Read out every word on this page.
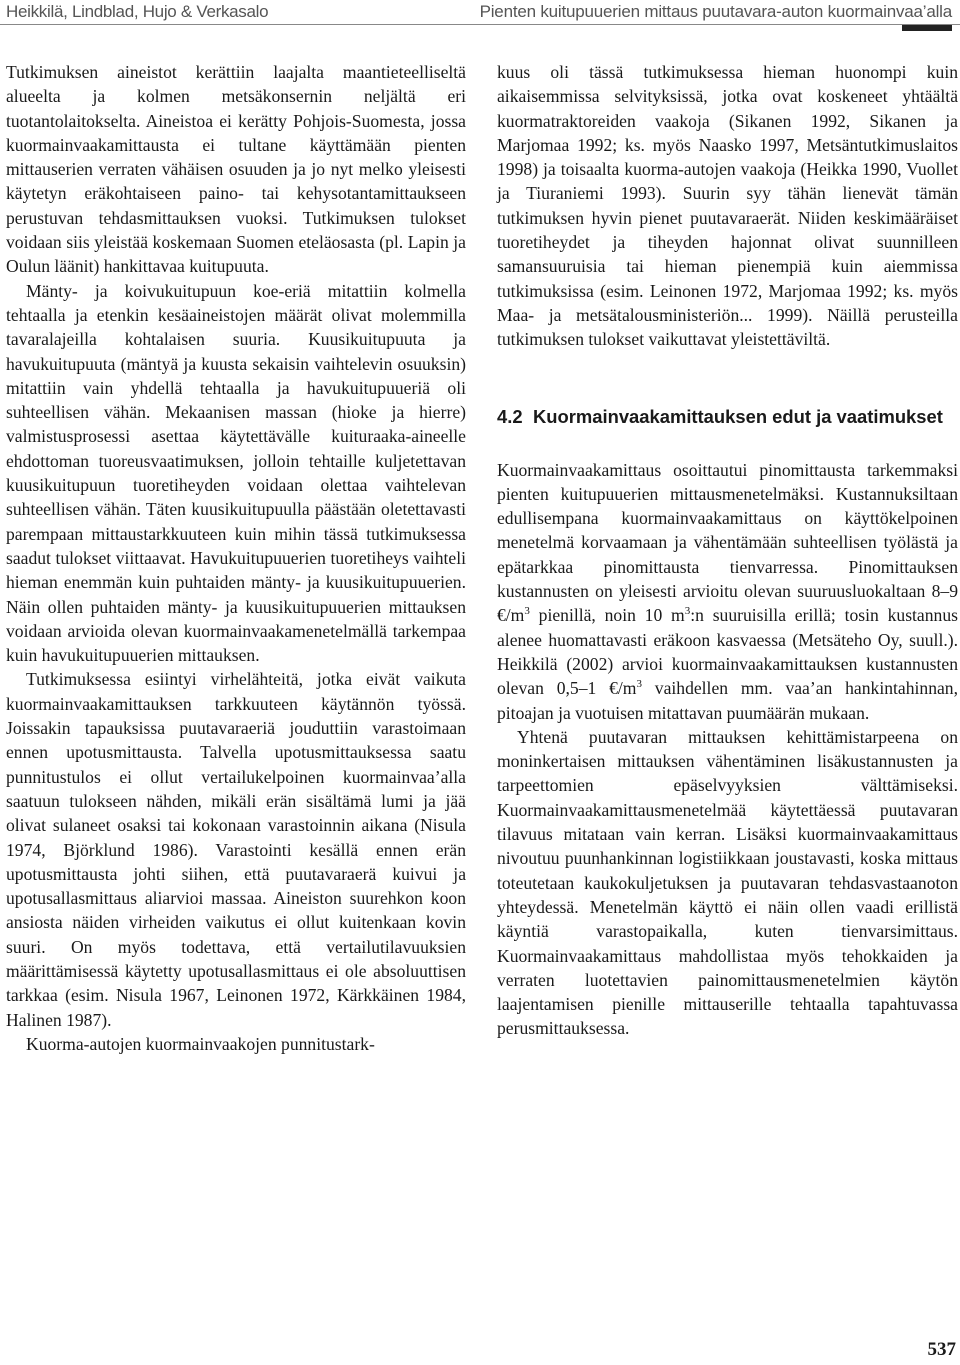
Heikkilä, Lindblad, Hujo & Verkasalo	Pienten kuitupuuerien mittaus puutavara-auton kuormainvaa’alla

Tutkimuksen aineistot kerättiin laajalta maantieteelliseltä alueelta ja kolmen metsäkonsernin neljältä eri tuotantolaitokselta. Aineistoa ei kerätty Pohjois-Suomesta, jossa kuormainvaakamittausta ei tultane käyttämään pienten mittauserien verraten vähäisen osuuden ja jo nyt melko yleisesti käytetyn eräkohtaiseen paino- tai kehysotantamittaukseen perustuvan tehdasmittauksen vuoksi. Tutkimuksen tulokset voidaan siis yleistää koskemaan Suomen eteläosasta (pl. Lapin ja Oulun läänit) hankittavaa kuitupuuta.

Mänty- ja koivukuitupuun koe-eriä mitattiin kolmella tehtaalla ja etenkin kesäaineistojen määrät olivat molemmilla tavaralajeilla kohtalaisen suuria. Kuusikuitupuuta ja havukuitupuuta (mäntyä ja kuusta sekaisin vaihtelevin osuuksin) mitattiin vain yhdellä tehtaalla ja havukuitupuueriä oli suhteellisen vähän. Mekaanisen massan (hioke ja hierre) valmistusprosessi asettaa käytettävälle kuituraaka-aineelle ehdottoman tuoreusvaatimuksen, jolloin tehtaille kuljetettavan kuusikuitupuun tuoretiheyden voidaan olettaa vaihtelevan suhteellisen vähän. Täten kuusikuitupuulla päästään oletettavasti parempaan mittaustarkkuuteen kuin mihin tässä tutkimuksessa saadut tulokset viittaavat. Havukuitupuuerien tuoretiheys vaihteli hieman enemmän kuin puhtaiden mänty- ja kuusikuitupuuerien. Näin ollen puhtaiden mänty- ja kuusikuitupuuerien mittauksen voidaan arvioida olevan kuormainvaakamenetelmällä tarkempaa kuin havukuitupuuerien mittauksen.

Tutkimuksessa esiintyi virhelähteitä, jotka eivät vaikuta kuormainvaakamittauksen tarkkuuteen käytännön työssä. Joissakin tapauksissa puutavaraeriä jouduttiin varastoimaan ennen upotusmittausta. Talvella upotusmittauksessa saatu punnitustulos ei ollut vertailukelpoinen kuormainvaa’alla saatuun tulokseen nähden, mikäli erän sisältämä lumi ja jää olivat sulaneet osaksi tai kokonaan varastoinnin aikana (Nisula 1974, Björklund 1986). Varastointi kesällä ennen erän upotusmittausta johti siihen, että puutavaraerä kuivui ja upotusallasmittaus aliarvioi massaa. Aineiston suurehkon koon ansiosta näiden virheiden vaikutus ei ollut kuitenkaan kovin suuri. On myös todettava, että vertailutilavuuksien määrittämisessä käytetty upotusallasmittaus ei ole absoluuttisen tarkkaa (esim. Nisula 1967, Leinonen 1972, Kärkkäinen 1984, Halinen 1987).

Kuorma-autojen kuormainvaakojen punnitustark-

kuus oli tässä tutkimuksessa hieman huonompi kuin aikaisemmissa selvityksissä, jotka ovat koskeneet yhtäältä kuormatraktoreiden vaakoja (Sikanen 1992, Sikanen ja Marjomaa 1992; ks. myös Naasko 1997, Metsäntutkimuslaitos 1998) ja toisaalta kuorma-autojen vaakoja (Heikka 1990, Vuollet ja Tiuraniemi 1993). Suurin syy tähän lienevät tämän tutkimuksen hyvin pienet puutavaraerät. Niiden keskimääräiset tuoretiheydet ja tiheyden hajonnat olivat suunnilleen samansuuruisia tai hieman pienempiä kuin aiemmissa tutkimuksissa (esim. Leinonen 1972, Marjomaa 1992; ks. myös Maa- ja metsätalousministeriön... 1999). Näillä perusteilla tutkimuksen tulokset vaikuttavat yleistettäviltä.

4.2 Kuormainvaakamittauksen edut ja vaatimukset

Kuormainvaakamittaus osoittautui pinomittausta tarkemmaksi pienten kuitupuuerien mittausmenetelmäksi. Kustannuksiltaan edullisempana kuormainvaakamittaus on käyttökelpoinen menetelmä korvaamaan ja vähentämään suhteellisen työlästä ja epätarkkaa pinomittausta tienvarressa. Pinomittauksen kustannusten on yleisesti arvioitu olevan suuruusluokaltaan 8–9 $€/m^3$ pienillä, noin 10 $m^3:n$ suuruisilla erillä; tosin kustannus alenee huomattavasti eräkoon kasvaessa (Metsäteho Oy, suull.). Heikkilä (2002) arvioi kuormainvaakamittauksen kustannusten olevan 0,5–1 $€/m^3$ vaihdellen mm. vaa’an hankintahinnan, pitoajan ja vuotuisen mitattavan puumäärän mukaan.

Yhtenä puutavaran mittauksen kehittämistarpeena on moninkertaisen mittauksen vähentäminen lisäkustannusten ja tarpeettomien epäselvyyksien välttämiseksi. Kuormainvaakamittausmenetelmää käytettäessä puutavaran tilavuus mitataan vain kerran. Lisäksi kuormainvaakamittaus nivoutuu puunhankinnan logistiikkaan joustavasti, koska mittaus toteutetaan kaukokuljetuksen ja puutavaran tehdasvastaanoton yhteydessä. Menetelmän käyttö ei näin ollen vaadi erillistä käyntiä varastopaikalla, kuten tienvarsimittaus. Kuormainvaakamittaus mahdollistaa myös tehokkaiden ja verraten luotettavien painomittausmenetelmien käytön laajentamisen pienille mittauserille tehtaalla tapahtuvassa perusmittauksessa.

537
